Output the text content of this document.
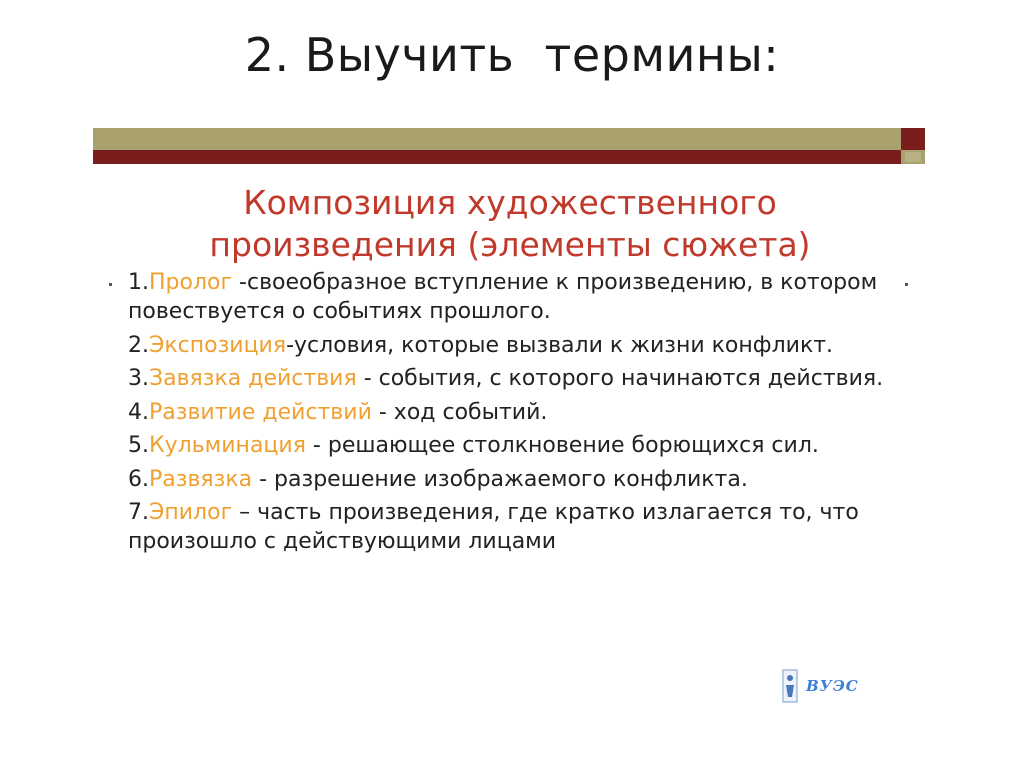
2. Выучить  термины:
Композиция художественного
произведения (элементы сюжета)
1.Пролог -своеобразное вступление к произведению, в котором повествуется о событиях прошлого.
2.Экспозиция-условия, которые вызвали к жизни конфликт.
3.Завязка действия - события, с которого начинаются действия.
4.Развитие действий - ход событий.
5.Кульминация - решающее столкновение борющихся сил.
6.Развязка - разрешение изображаемого конфликта.
7.Эпилог – часть произведения, где кратко излагается то, что произошло с действующими лицами
ВУЭС
